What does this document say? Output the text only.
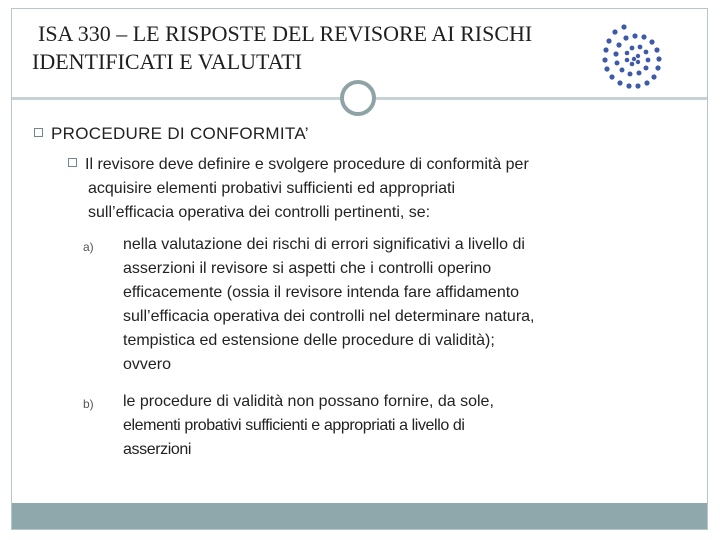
ISA 330 – LE RISPOSTE DEL REVISORE AI RISCHI
IDENTIFICATI E VALUTATI
PROCEDURE DI CONFORMITA’
Il revisore deve definire e svolgere procedure di conformità per
acquisire elementi probativi sufficienti ed appropriati
sull’efficacia operativa dei controlli pertinenti, se:
a) nella valutazione dei rischi di errori significativi a livello di
asserzioni il revisore si aspetti che i controlli operino
efficacemente (ossia il revisore intenda fare affidamento
sull’efficacia operativa dei controlli nel determinare natura,
tempistica ed estensione delle procedure di validità);
ovvero
b) le procedure di validità non possano fornire, da sole,
elementi probativi sufficienti e appropriati a livello di
asserzioni
